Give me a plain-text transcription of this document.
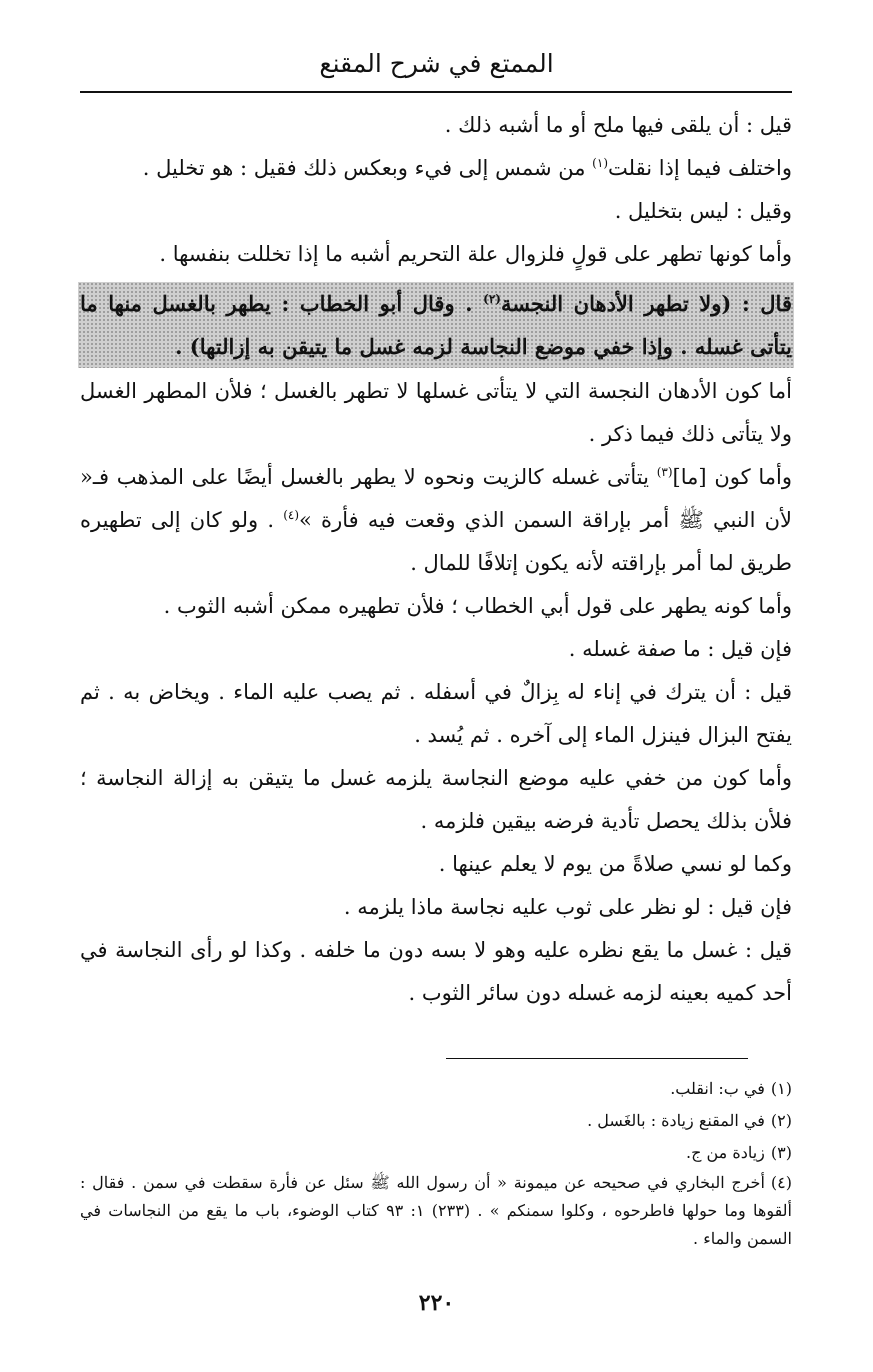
الممتع في شرح المقنع

قيل : أن يلقى فيها ملح أو ما أشبه ذلك .

واختلف فيما إذا نقلت$^{(١)}$ من شمس إلى فيء وبعكس ذلك فقيل : هو تخليل .

وقيل : ليس بتخليل .

وأما كونها تطهر على قولٍ فلزوال علة التحريم أشبه ما إذا تخللت بنفسها .

قال : (ولا تطهر الأدهان النجسة$^{(٢)}$ . وقال أبو الخطاب : يطهر بالغسل منها ما يتأتى غسله . وإذا خفي موضع النجاسة لزمه غسل ما يتيقن به إزالتها) .

أما كون الأدهان النجسة التي لا يتأتى غسلها لا تطهر بالغسل ؛ فلأن المطهر الغسل ولا يتأتى ذلك فيما ذكر .

وأما كون [ما]$^{(٣)}$ يتأتى غسله كالزيت ونحوه لا يطهر بالغسل أيضًا على المذهب فـ« لأن النبي ﷺ أمر بإراقة السمن الذي وقعت فيه فأرة »$^{(٤)}$ . ولو كان إلى تطهيره طريق لما أمر بإراقته لأنه يكون إتلافًا للمال .

وأما كونه يطهر على قول أبي الخطاب ؛ فلأن تطهيره ممكن أشبه الثوب .

فإن قيل : ما صفة غسله .

قيل : أن يترك في إناء له بِزالٌ في أسفله . ثم يصب عليه الماء . ويخاض به . ثم يفتح البزال فينزل الماء إلى آخره . ثم يُسد .

وأما كون من خفي عليه موضع النجاسة يلزمه غسل ما يتيقن به إزالة النجاسة ؛ فلأن بذلك يحصل تأدية فرضه بيقين فلزمه .

وكما لو نسي صلاةً من يوم لا يعلم عينها .

فإن قيل : لو نظر على ثوب عليه نجاسة ماذا يلزمه .

قيل : غسل ما يقع نظره عليه وهو لا بسه دون ما خلفه . وكذا لو رأى النجاسة في أحد كميه بعينه لزمه غسله دون سائر الثوب .

(١)في ب: انقلب.

(٢)في المقنع زيادة : بالغَسل .

(٣)زيادة من ج.

(٤)أخرج البخاري في صحيحه عن ميمونة « أن رسول الله ﷺ سئل عن فأرة سقطت في سمن . فقال : ألقوها وما حولها فاطرحوه ، وكلوا سمنكم » . (٢٣٣) ١: ٩٣ كتاب الوضوء، باب ما يقع من النجاسات في السمن والماء .

٢٢٠
